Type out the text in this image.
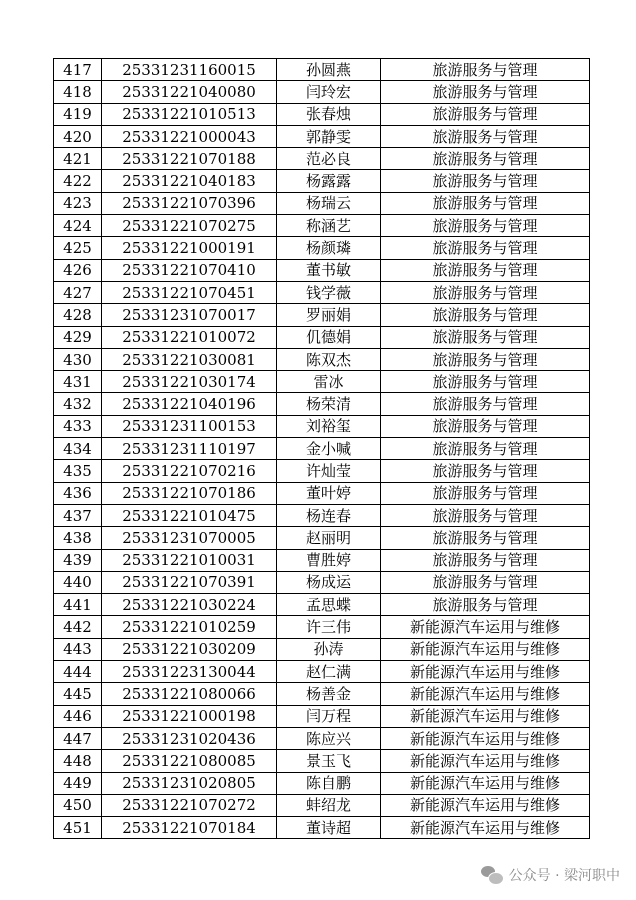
417	25331231160015	孙圆燕	旅游服务与管理
418	25331221040080	闫玲宏	旅游服务与管理
419	25331221010513	张春烛	旅游服务与管理
420	25331221000043	郭静雯	旅游服务与管理
421	25331221070188	范必良	旅游服务与管理
422	25331221040183	杨露露	旅游服务与管理
423	25331221070396	杨瑞云	旅游服务与管理
424	25331221070275	称涵艺	旅游服务与管理
425	25331221000191	杨颜璘	旅游服务与管理
426	25331221070410	董书敏	旅游服务与管理
427	25331221070451	钱学薇	旅游服务与管理
428	25331231070017	罗丽娟	旅游服务与管理
429	25331221010072	仉德娟	旅游服务与管理
430	25331221030081	陈双杰	旅游服务与管理
431	25331221030174	雷冰	旅游服务与管理
432	25331221040196	杨荣清	旅游服务与管理
433	25331231100153	刘裕玺	旅游服务与管理
434	25331231110197	金小喊	旅游服务与管理
435	25331221070216	许灿莹	旅游服务与管理
436	25331221070186	董叶婷	旅游服务与管理
437	25331221010475	杨连春	旅游服务与管理
438	25331231070005	赵丽明	旅游服务与管理
439	25331221010031	曹胜婷	旅游服务与管理
440	25331221070391	杨成运	旅游服务与管理
441	25331221030224	孟思蝶	旅游服务与管理
442	25331221010259	许三伟	新能源汽车运用与维修
443	25331221030209	孙涛	新能源汽车运用与维修
444	25331223130044	赵仁满	新能源汽车运用与维修
445	25331221080066	杨善金	新能源汽车运用与维修
446	25331221000198	闫万程	新能源汽车运用与维修
447	25331231020436	陈应兴	新能源汽车运用与维修
448	25331221080085	景玉飞	新能源汽车运用与维修
449	25331231020805	陈自鹏	新能源汽车运用与维修
450	25331221070272	蚌绍龙	新能源汽车运用与维修
451	25331221070184	董诗超	新能源汽车运用与维修
公众号 · 梁河职中
